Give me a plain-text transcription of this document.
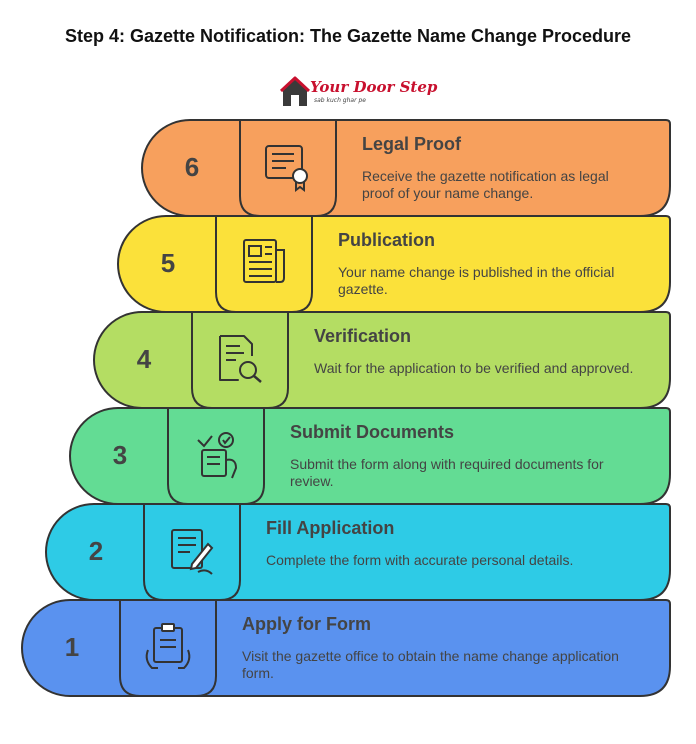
Step 4: Gazette Notification: The Gazette Name Change Procedure
Your Door Step
sab kuch ghar pe
6
Legal Proof
Receive the gazette notification as legal proof of your name change.
5
Publication
Your name change is published in the official gazette.
4
Verification
Wait for the application to be verified and approved.
3
Submit Documents
Submit the form along with required documents for review.
2
Fill Application
Complete the form with accurate personal details.
1
Apply for Form
Visit the gazette office to obtain the name change application form.
